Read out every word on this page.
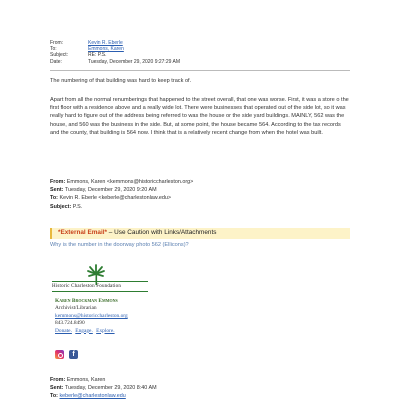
From:	Kevin R. Eberle
To:	Emmons, Karen
Subject:	RE: P.S.
Date:	Tuesday, December 29, 2020 9:27:29 AM

The numbering of that building was hard to keep track of.

Apart from all the normal renumberings that happened to the street overall, that one was worse. First, it was a store o the first floor with a residence above and a really wide lot. There were businesses that operated out of the side lot, so it was really hard to figure out of the address being referred to was the house or the side yard buildings. MAINLY, 562 was the house, and 560 was the business in the side. But, at some point, the house became 564. According to the tax records and the county, that building is 564 now. I think that is a relatively recent change from when the hotel was built.

From: Emmons, Karen <kemmons@historiccharleston.org>
Sent: Tuesday, December 29, 2020 9:20 AM
To: Kevin R. Eberle <keberle@charlestonlaw.edu>
Subject: P.S.
*External Email* – Use Caution with Links/Attachments
Why is the number in the doorway photo 562 (Ellicons)?
Historic Charleston Foundation
Karen Brockman Emmons
Archivist/Librarian
kemmons@historiccharleston.org
843.724.8490
Donate. Engage. Explore.
f
From: Emmons, Karen
Sent: Tuesday, December 29, 2020 8:40 AM
To: keberle@charlestonlaw.edu
